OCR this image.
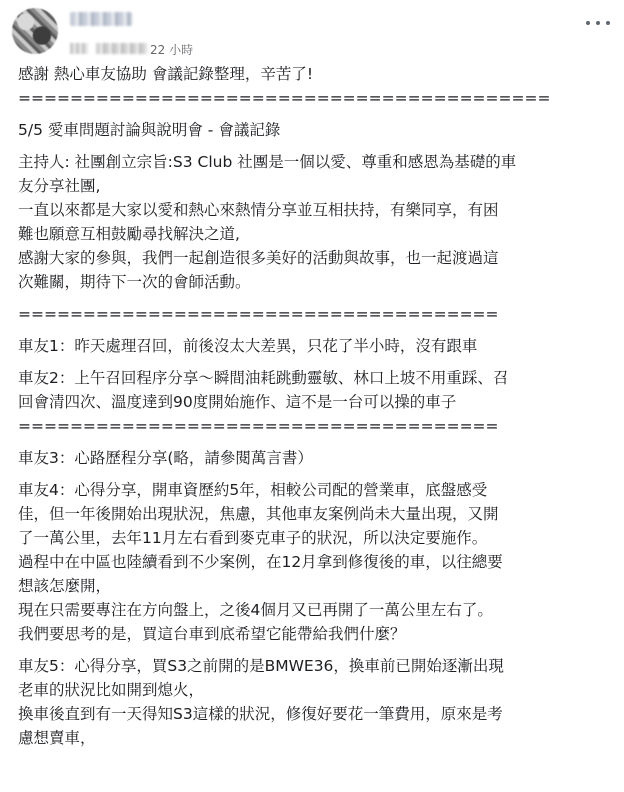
22 小時

感謝 熱心車友協助 會議記錄整理，辛苦了!
=========================================

5/5 愛車問題討論與說明會 - 會議記錄

主持人: 社團創立宗旨:S3 Club 社團是一個以愛、尊重和感恩為基礎的車
友分享社團,
一直以來都是大家以愛和熱心來熱情分享並互相扶持，有樂同享，有困
難也願意互相鼓勵尋找解決之道,
感謝大家的參與，我們一起創造很多美好的活動與故事，也一起渡過這
次難關，期待下一次的會師活動。

=====================================

車友1：昨天處理召回，前後沒太大差異，只花了半小時，沒有跟車

車友2：上午召回程序分享～瞬間油耗跳動靈敏、林口上坡不用重踩、召
回會清四次、溫度達到90度開始施作、這不是一台可以操的車子
=====================================

車友3：心路歷程分享(略，請參閱萬言書）

車友4：心得分享，開車資歷約5年，相較公司配的營業車，底盤感受
佳，但一年後開始出現狀況，焦慮，其他車友案例尚未大量出現，又開
了一萬公里，去年11月左右看到麥克車子的狀況，所以決定要施作。
過程中在中區也陸續看到不少案例，在12月拿到修復後的車，以往總要
想該怎麼開，
現在只需要專注在方向盤上，之後4個月又已再開了一萬公里左右了。
我們要思考的是，買這台車到底希望它能帶給我們什麼？

車友5：心得分享，買S3之前開的是BMWE36，換車前已開始逐漸出現
老車的狀況比如開到熄火，
換車後直到有一天得知S3這樣的狀況，修復好要花一筆費用，原來是考
慮想賣車，
